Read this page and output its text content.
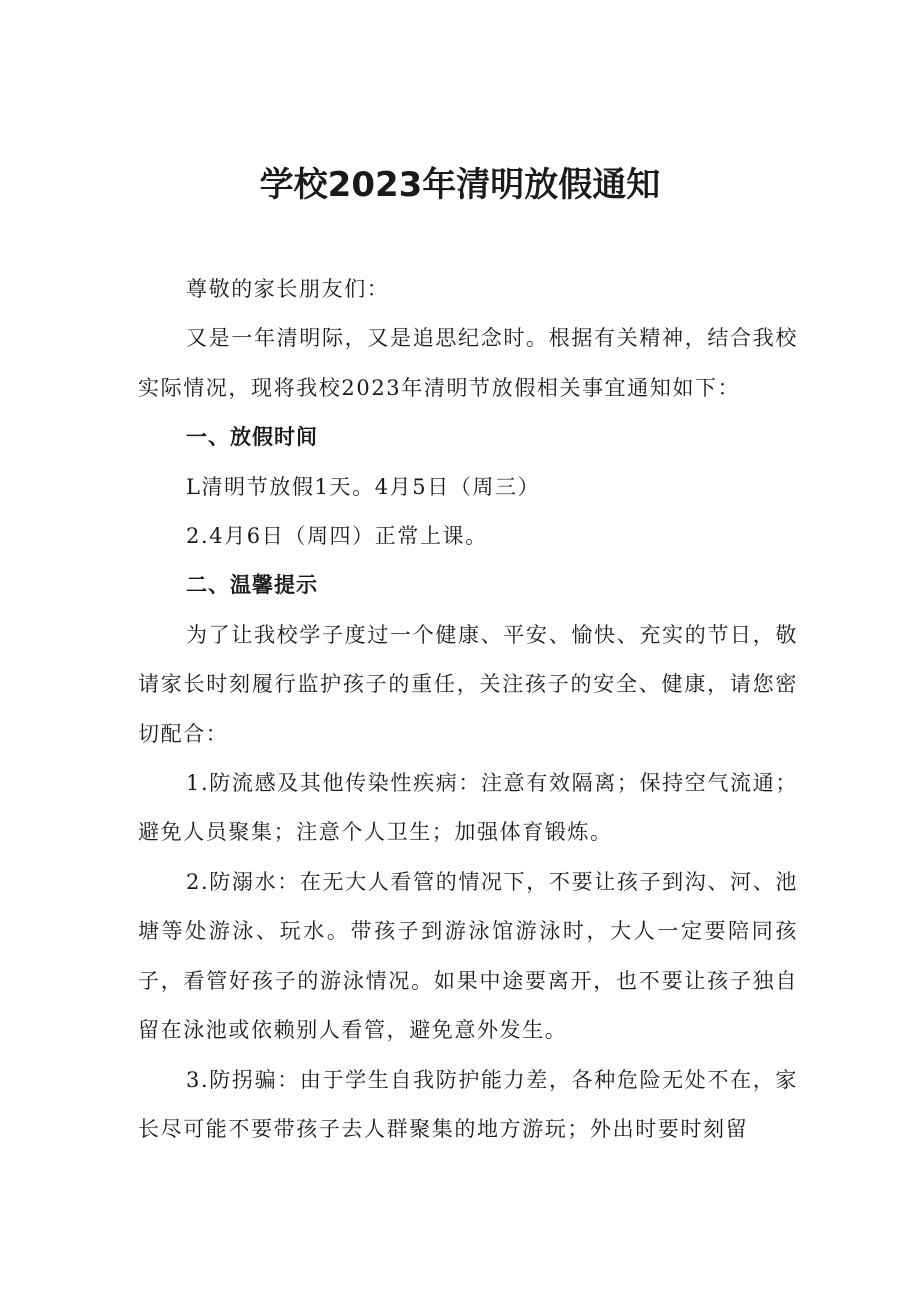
学校2023年清明放假通知

尊敬的家长朋友们：

又是一年清明际，又是追思纪念时。根据有关精神，结合我校实际情况，现将我校2023年清明节放假相关事宜通知如下：

一、放假时间

L清明节放假1天。4月5日（周三）

2.4月6日（周四）正常上课。

二、温馨提示

为了让我校学子度过一个健康、平安、愉快、充实的节日，敬请家长时刻履行监护孩子的重任，关注孩子的安全、健康，请您密切配合：

1.防流感及其他传染性疾病：注意有效隔离；保持空气流通；避免人员聚集；注意个人卫生；加强体育锻炼。

2.防溺水：在无大人看管的情况下，不要让孩子到沟、河、池塘等处游泳、玩水。带孩子到游泳馆游泳时，大人一定要陪同孩子，看管好孩子的游泳情况。如果中途要离开，也不要让孩子独自留在泳池或依赖别人看管，避免意外发生。

3.防拐骗：由于学生自我防护能力差，各种危险无处不在，家长尽可能不要带孩子去人群聚集的地方游玩；外出时要时刻留
